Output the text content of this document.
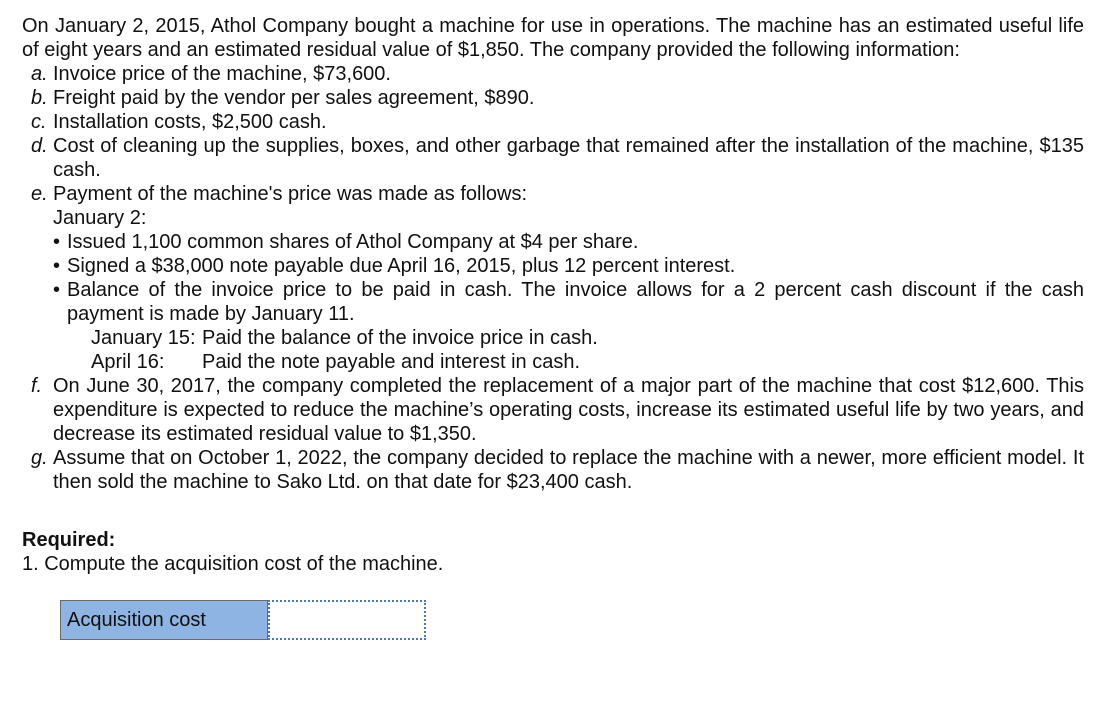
On January 2, 2015, Athol Company bought a machine for use in operations. The machine has an estimated useful life of eight years and an estimated residual value of $1,850. The company provided the following information:

a. Invoice price of the machine, $73,600.
b. Freight paid by the vendor per sales agreement, $890.
c. Installation costs, $2,500 cash.
d. Cost of cleaning up the supplies, boxes, and other garbage that remained after the installation of the machine, $135 cash.
e. Payment of the machine's price was made as follows:
January 2:
• Issued 1,100 common shares of Athol Company at $4 per share.
• Signed a $38,000 note payable due April 16, 2015, plus 12 percent interest.
• Balance of the invoice price to be paid in cash. The invoice allows for a 2 percent cash discount if the cash payment is made by January 11.
January 15: Paid the balance of the invoice price in cash.
April 16:	Paid the note payable and interest in cash.
f. On June 30, 2017, the company completed the replacement of a major part of the machine that cost $12,600. This expenditure is expected to reduce the machine’s operating costs, increase its estimated useful life by two years, and decrease its estimated residual value to $1,350.
g. Assume that on October 1, 2022, the company decided to replace the machine with a newer, more efficient model. It then sold the machine to Sako Ltd. on that date for $23,400 cash.
Required:
1. Compute the acquisition cost of the machine.
Acquisition cost
